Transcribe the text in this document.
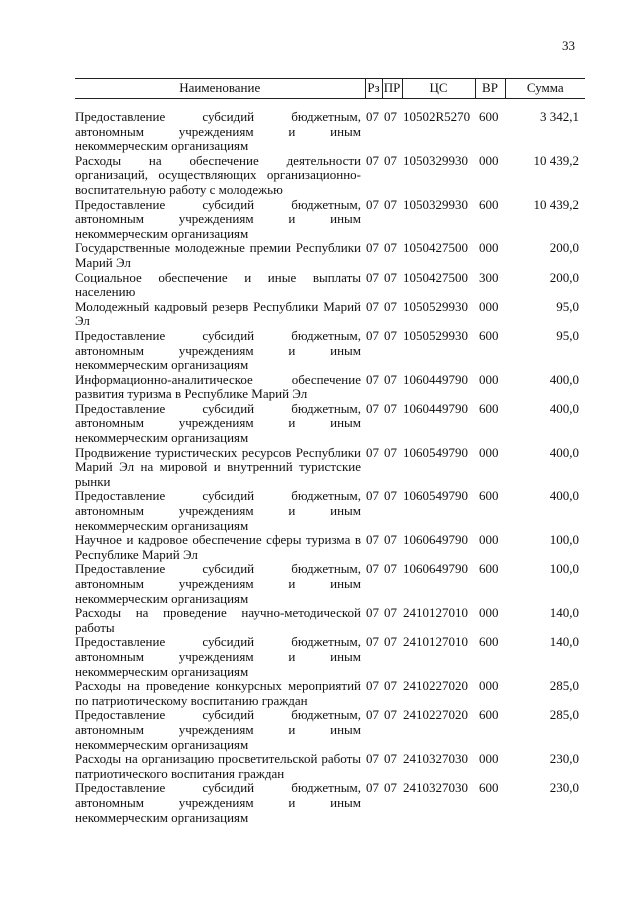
33
Наименование	Рз	ПР	ЦС	ВР	Сумма
Предоставление субсидий бюджетным, автономным учреждениям и иным некоммерческим организациям	07	07	10502R5270	600	3 342,1
Расходы на обеспечение деятельности организаций, осуществляющих организационно-воспитательную работу с молодежью	07	07	1050329930	000	10 439,2
Предоставление субсидий бюджетным, автономным учреждениям и иным некоммерческим организациям	07	07	1050329930	600	10 439,2
Государственные молодежные премии Республики Марий Эл	07	07	1050427500	000	200,0
Социальное обеспечение и иные выплаты населению	07	07	1050427500	300	200,0
Молодежный кадровый резерв Республики Марий Эл	07	07	1050529930	000	95,0
Предоставление субсидий бюджетным, автономным учреждениям и иным некоммерческим организациям	07	07	1050529930	600	95,0
Информационно-аналитическое обеспечение развития туризма в Республике Марий Эл	07	07	1060449790	000	400,0
Предоставление субсидий бюджетным, автономным учреждениям и иным некоммерческим организациям	07	07	1060449790	600	400,0
Продвижение туристических ресурсов Республики Марий Эл на мировой и внутренний туристские рынки	07	07	1060549790	000	400,0
Предоставление субсидий бюджетным, автономным учреждениям и иным некоммерческим организациям	07	07	1060549790	600	400,0
Научное и кадровое обеспечение сферы туризма в Республике Марий Эл	07	07	1060649790	000	100,0
Предоставление субсидий бюджетным, автономным учреждениям и иным некоммерческим организациям	07	07	1060649790	600	100,0
Расходы на проведение научно-методической работы	07	07	2410127010	000	140,0
Предоставление субсидий бюджетным, автономным учреждениям и иным некоммерческим организациям	07	07	2410127010	600	140,0
Расходы на проведение конкурсных мероприятий по патриотическому воспитанию граждан	07	07	2410227020	000	285,0
Предоставление субсидий бюджетным, автономным учреждениям и иным некоммерческим организациям	07	07	2410227020	600	285,0
Расходы на организацию просветительской работы патриотического воспитания граждан	07	07	2410327030	000	230,0
Предоставление субсидий бюджетным, автономным учреждениям и иным некоммерческим организациям	07	07	2410327030	600	230,0
